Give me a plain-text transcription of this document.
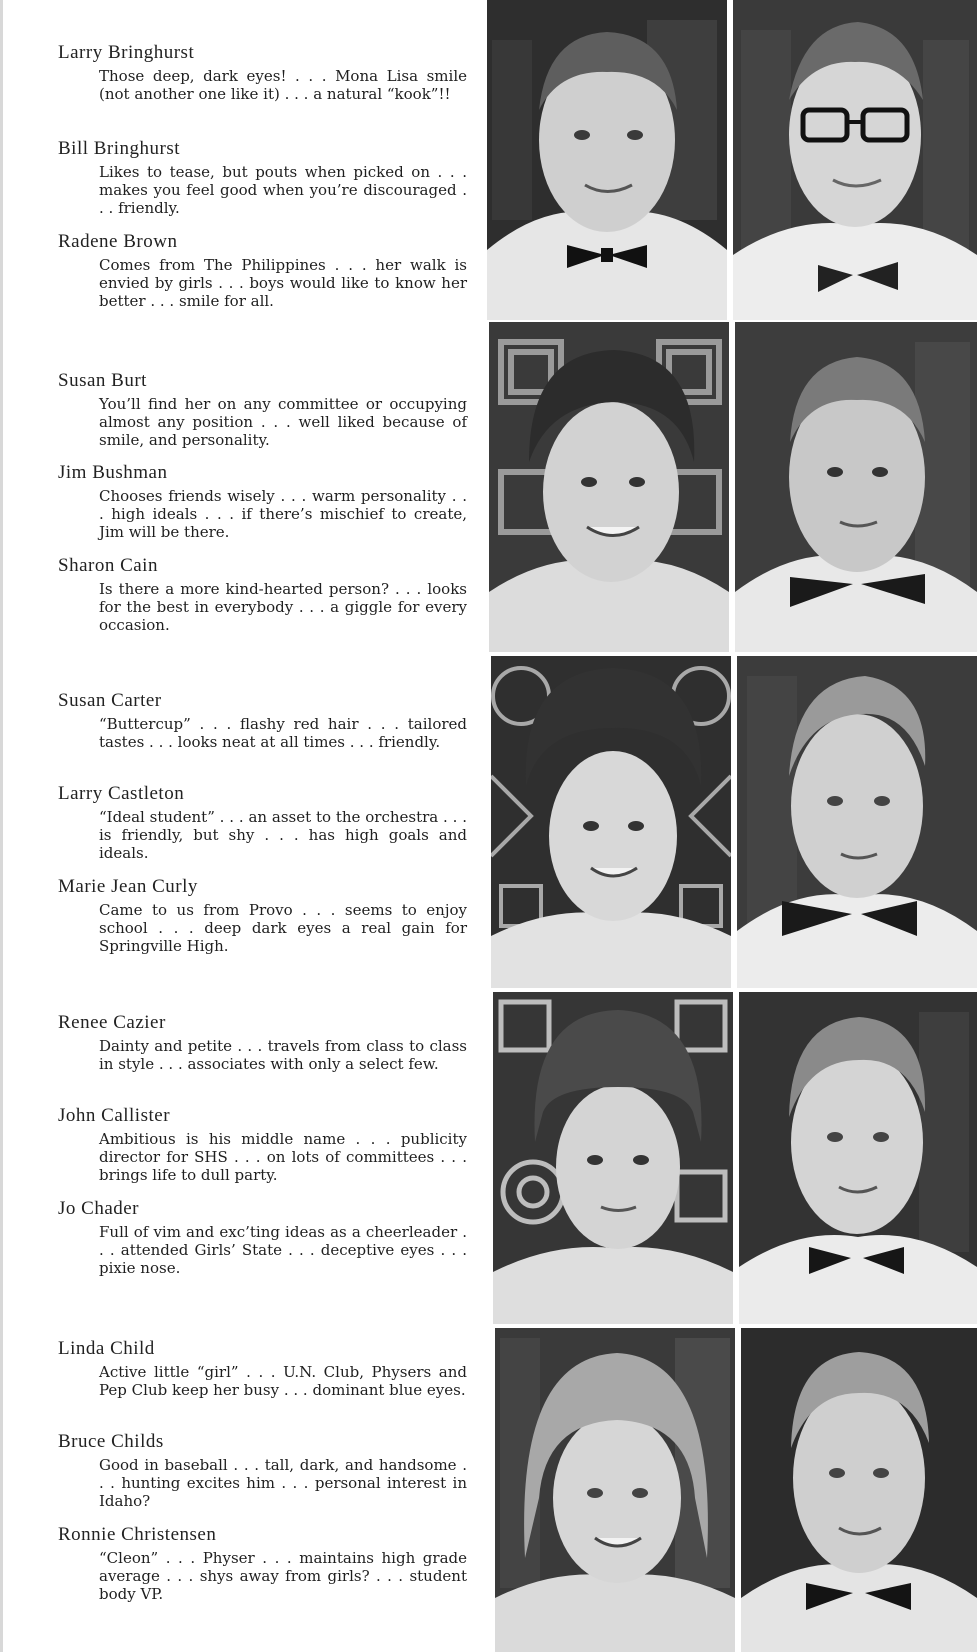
Larry Bringhurst
Those deep, dark eyes! . . . Mona Lisa smile (not another one like it) . . . a natural “kook”!!
Bill Bringhurst
Likes to tease, but pouts when picked on . . . makes you feel good when you’re discouraged . . . friendly.
Radene Brown
Comes from The Philippines . . . her walk is envied by girls . . . boys would like to know her better . . . smile for all.
Susan Burt
You’ll find her on any committee or occupying almost any position . . . well liked because of smile, and personality.
Jim Bushman
Chooses friends wisely . . . warm personality . . . high ideals . . . if there’s mischief to create, Jim will be there.
Sharon Cain
Is there a more kind-hearted person? . . . looks for the best in everybody . . . a giggle for every occasion.
Susan Carter
“Buttercup” . . . flashy red hair . . . tailored tastes . . . looks neat at all times . . . friendly.
Larry Castleton
“Ideal student” . . . an asset to the orchestra . . . is friendly, but shy . . . has high goals and ideals.
Marie Jean Curly
Came to us from Provo . . . seems to enjoy school . . . deep dark eyes a real gain for Springville High.
Renee Cazier
Dainty and petite . . . travels from class to class in style . . . associates with only a select few.
John Callister
Ambitious is his middle name . . . publicity director for SHS . . . on lots of committees . . . brings life to dull party.
Jo Chader
Full of vim and exc’ting ideas as a cheerleader . . . attended Girls’ State . . . deceptive eyes . . . pixie nose.
Linda Child
Active little “girl” . . . U.N. Club, Physers and Pep Club keep her busy . . . dominant blue eyes.
Bruce Childs
Good in baseball . . . tall, dark, and handsome . . . hunting excites him . . . personal interest in Idaho?
Ronnie Christensen
“Cleon” . . . Physer . . . maintains high grade average . . . shys away from girls? . . . student body VP.
